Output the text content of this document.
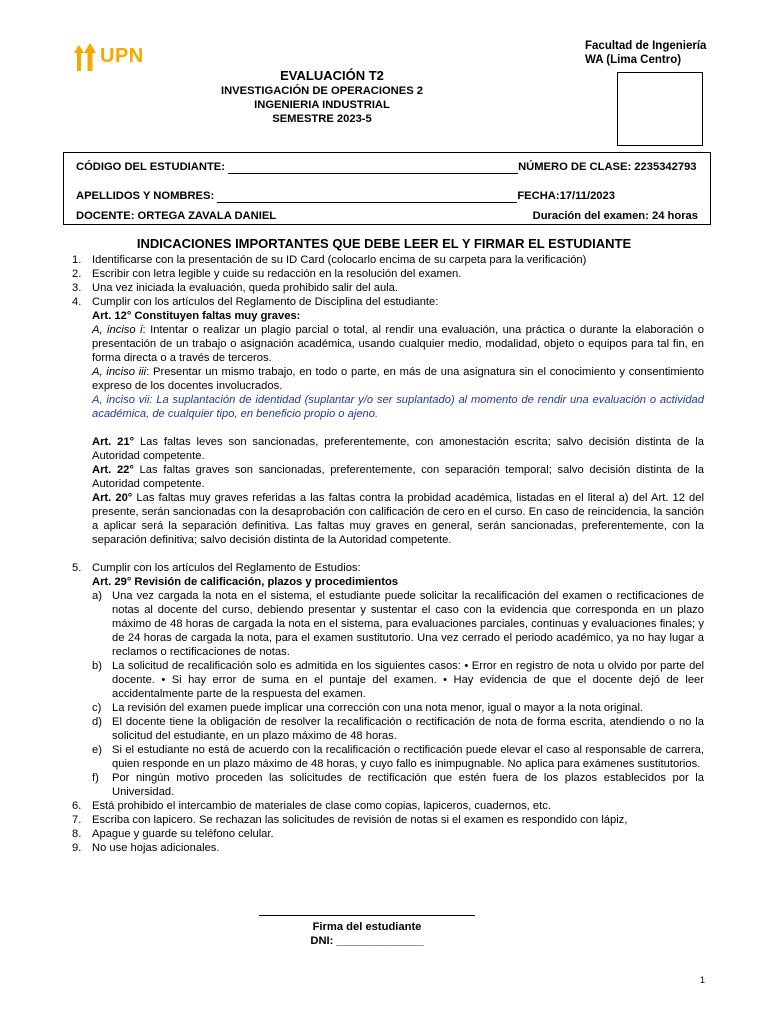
UPN	Facultad de Ingeniería
WA (Lima Centro)
EVALUACIÓN T2
INVESTIGACIÓN DE OPERACIONES 2
INGENIERIA INDUSTRIAL
SEMESTRE 2023-5
CÓDIGO DEL ESTUDIANTE:	NÚMERO DE CLASE: 2235342793
APELLIDOS Y NOMBRES:	FECHA:17/11/2023
DOCENTE: ORTEGA ZAVALA DANIEL	Duración del examen: 24 horas
INDICACIONES IMPORTANTES QUE DEBE LEER EL Y FIRMAR EL ESTUDIANTE
1. Identificarse con la presentación de su ID Card (colocarlo encima de su carpeta para la verificación)
2. Escribir con letra legible y cuide su redacción en la resolución del examen.
3. Una vez iniciada la evaluación, queda prohibido salir del aula.
4. Cumplir con los artículos del Reglamento de Disciplina del estudiante:
Art. 12° Constituyen faltas muy graves:
A, inciso i: Intentar o realizar un plagio parcial o total, al rendir una evaluación, una práctica o durante la elaboración o presentación de un trabajo o asignación académica, usando cualquier medio, modalidad, objeto o equipos para tal fin, en forma directa o a través de terceros.
A, inciso iii: Presentar un mismo trabajo, en todo o parte, en más de una asignatura sin el conocimiento y consentimiento expreso de los docentes involucrados.
A, inciso vii: La suplantación de identidad (suplantar y/o ser suplantado) al momento de rendir una evaluación o actividad académica, de cualquier tipo, en beneficio propio o ajeno.
Art. 21° Las faltas leves son sancionadas, preferentemente, con amonestación escrita; salvo decisión distinta de la Autoridad competente.
Art. 22° Las faltas graves son sancionadas, preferentemente, con separación temporal; salvo decisión distinta de la Autoridad competente.
Art. 20° Las faltas muy graves referidas a las faltas contra la probidad académica, listadas en el literal a) del Art. 12 del presente, serán sancionadas con la desaprobación con calificación de cero en el curso. En caso de reincidencia, la sanción a aplicar será la separación definitiva. Las faltas muy graves en general, serán sancionadas, preferentemente, con la separación definitiva; salvo decisión distinta de la Autoridad competente.
5. Cumplir con los artículos del Reglamento de Estudios:
Art. 29° Revisión de calificación, plazos y procedimientos
a) Una vez cargada la nota en el sistema, el estudiante puede solicitar la recalificación del examen o rectificaciones de notas al docente del curso, debiendo presentar y sustentar el caso con la evidencia que corresponda en un plazo máximo de 48 horas de cargada la nota en el sistema, para evaluaciones parciales, continuas y evaluaciones finales; y de 24 horas de cargada la nota, para el examen sustitutorio. Una vez cerrado el periodo académico, ya no hay lugar a reclamos o rectificaciones de notas.
b) La solicitud de recalificación solo es admitida en los siguientes casos: • Error en registro de nota u olvido por parte del docente. • Si hay error de suma en el puntaje del examen. • Hay evidencia de que el docente dejó de leer accidentalmente parte de la respuesta del examen.
c) La revisión del examen puede implicar una corrección con una nota menor, igual o mayor a la nota original.
d) El docente tiene la obligación de resolver la recalificación o rectificación de nota de forma escrita, atendiendo o no la solicitud del estudiante, en un plazo máximo de 48 horas.
e) Si el estudiante no está de acuerdo con la recalificación o rectificación puede elevar el caso al responsable de carrera, quien responde en un plazo máximo de 48 horas, y cuyo fallo es inimpugnable. No aplica para exámenes sustitutorios.
f) Por ningún motivo proceden las solicitudes de rectificación que estén fuera de los plazos establecidos por la Universidad.
6. Está prohibido el intercambio de materiales de clase como copias, lapiceros, cuadernos, etc.
7. Escriba con lapicero. Se rechazan las solicitudes de revisión de notas si el examen es respondido con lápiz,
8. Apague y guarde su teléfono celular.
9. No use hojas adicionales.
Firma del estudiante
DNI: ______________
1
